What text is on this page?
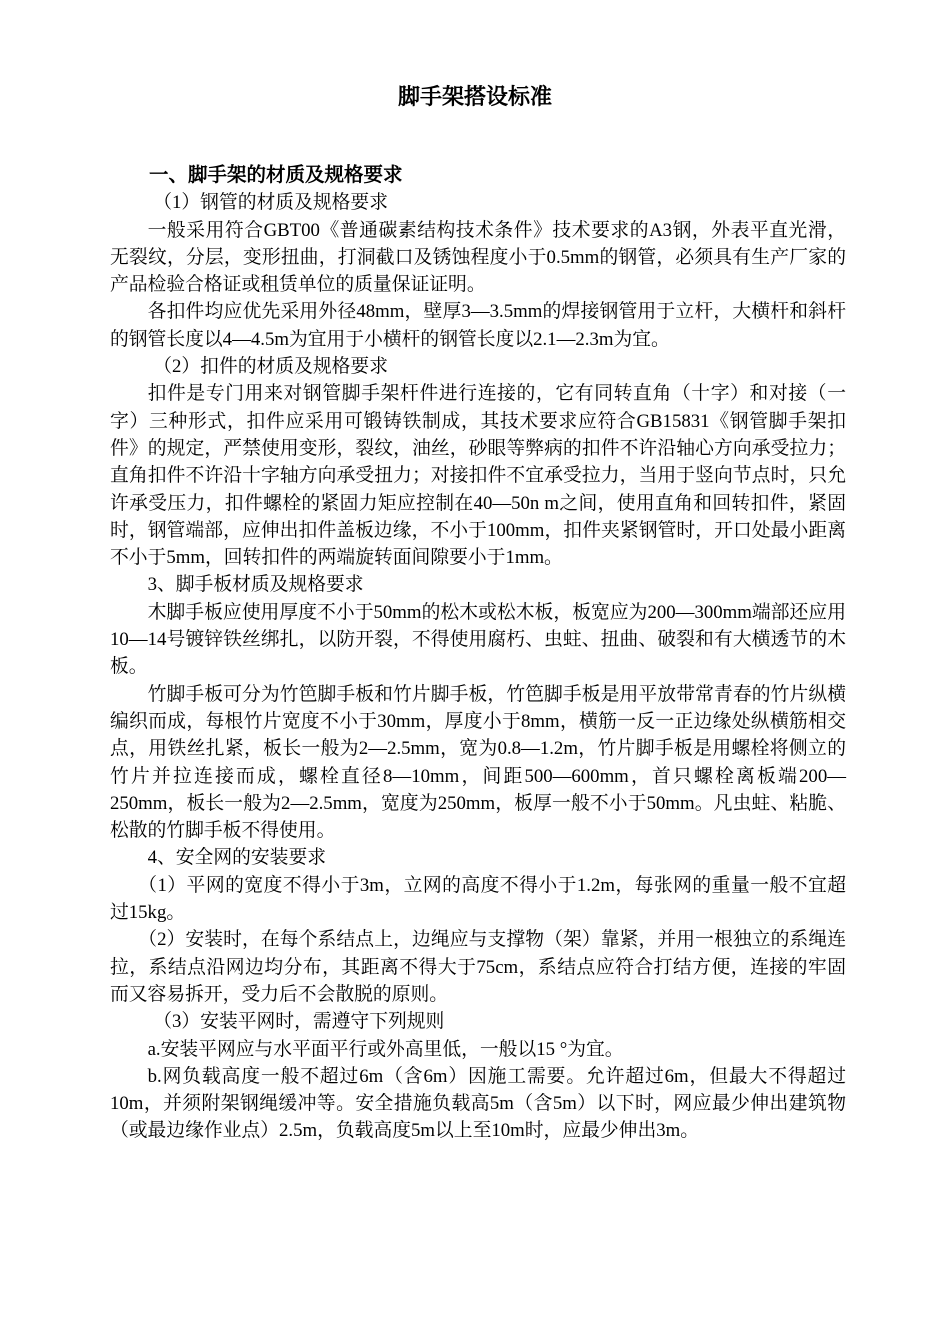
脚手架搭设标准

一、脚手架的材质及规格要求

（1）钢管的材质及规格要求

一般采用符合GBT00《普通碳素结构技术条件》技术要求的A3钢，外表平直光滑，无裂纹，分层，变形扭曲，打洞截口及锈蚀程度小于0.5mm的钢管，必须具有生产厂家的产品检验合格证或租赁单位的质量保证证明。

各扣件均应优先采用外径48mm，壁厚3—3.5mm的焊接钢管用于立杆，大横杆和斜杆的钢管长度以4—4.5m为宜用于小横杆的钢管长度以2.1—2.3m为宜。

（2）扣件的材质及规格要求

扣件是专门用来对钢管脚手架杆件进行连接的，它有同转直角（十字）和对接（一字）三种形式，扣件应采用可锻铸铁制成，其技术要求应符合GB15831《钢管脚手架扣件》的规定，严禁使用变形，裂纹，油丝，砂眼等弊病的扣件不许沿轴心方向承受拉力；直角扣件不许沿十字轴方向承受扭力；对接扣件不宜承受拉力，当用于竖向节点时，只允许承受压力，扣件螺栓的紧固力矩应控制在40—50n m之间，使用直角和回转扣件，紧固时，钢管端部，应伸出扣件盖板边缘，不小于100mm，扣件夹紧钢管时，开口处最小距离不小于5mm，回转扣件的两端旋转面间隙要小于1mm。

3、脚手板材质及规格要求

木脚手板应使用厚度不小于50mm的松木或松木板，板宽应为200—300mm端部还应用10—14号镀锌铁丝绑扎，以防开裂，不得使用腐朽、虫蛀、扭曲、破裂和有大横透节的木板。

竹脚手板可分为竹笆脚手板和竹片脚手板，竹笆脚手板是用平放带常青春的竹片纵横编织而成，每根竹片宽度不小于30mm，厚度小于8mm，横筋一反一正边缘处纵横筋相交点，用铁丝扎紧，板长一般为2—2.5mm，宽为0.8—1.2m，竹片脚手板是用螺栓将侧立的竹片并拉连接而成，螺栓直径8—10mm，间距500—600mm，首只螺栓离板端200—250mm，板长一般为2—2.5mm，宽度为250mm，板厚一般不小于50mm。凡虫蛀、粘脆、松散的竹脚手板不得使用。

4、安全网的安装要求

（1）平网的宽度不得小于3m，立网的高度不得小于1.2m，每张网的重量一般不宜超过15kg。

（2）安装时，在每个系结点上，边绳应与支撑物（架）靠紧，并用一根独立的系绳连拉，系结点沿网边均分布，其距离不得大于75cm，系结点应符合打结方便，连接的牢固而又容易拆开，受力后不会散脱的原则。

（3）安装平网时，需遵守下列规则

a.安装平网应与水平面平行或外高里低，一般以15 °为宜。

b.网负载高度一般不超过6m（含6m）因施工需要。允许超过6m，但最大不得超过10m，并须附架钢绳缓冲等。安全措施负载高5m（含5m）以下时，网应最少伸出建筑物（或最边缘作业点）2.5m，负载高度5m以上至10m时，应最少伸出3m。
